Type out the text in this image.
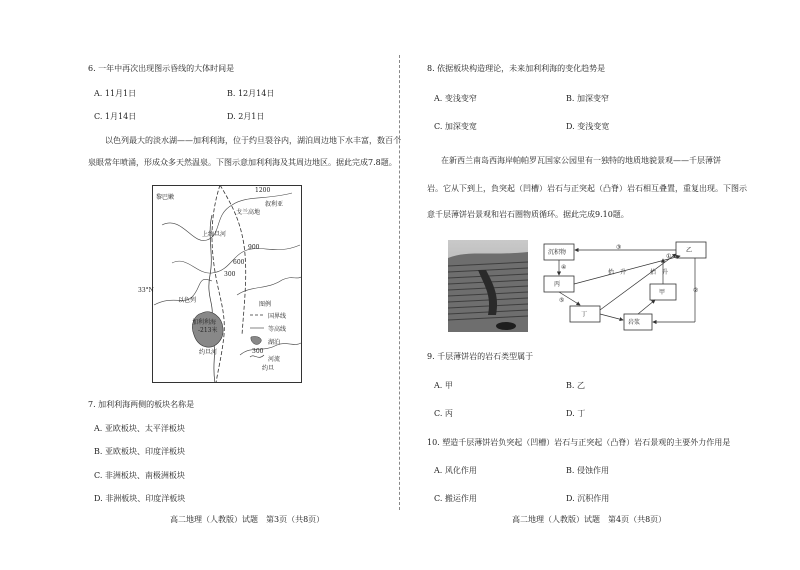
6. 一年中再次出现图示昏线的大体时间是
A. 11月1日	B. 12月14日
C. 1月14日	D. 2月1日
以色列最大的淡水湖——加利利海，位于约旦裂谷内，湖泊周边地下水丰富，数百个
泉眼常年喷涌，形成众多天然温泉。下图示意加利利海及其周边地区。据此完成7.8题。
黎巴嫩
1200
叙利亚
戈兰高地
900
上约旦河
600
300
33°N
以色列
图例
加利利海
-213米
国界线
等高线
湖泊
300
河流
约旦河
约旦
7. 加利利海两侧的板块名称是
A. 亚欧板块、太平洋板块
B. 亚欧板块、印度洋板块
C. 非洲板块、南极洲板块
D. 非洲板块、印度洋板块
高二地理（人教版）试题　第3页（共8页）
8. 依据板块构造理论，未来加利利海的变化趋势是
A. 变浅变窄	B. 加深变窄
C. 加深变宽	D. 变浅变宽
在新西兰南岛西海岸帕帕罗瓦国家公园里有一独特的地质地貌景观——千层薄饼
岩。它从下到上，負突起（凹槽）岩石与正突起（凸脊）岩石相互叠置，重复出现。下图示
意千层薄饼岩景观和岩石圈物质循环。据此完成9.10题。
沉积物	乙
丙
甲
丁
岩浆
抬　升	抬　升
①
②
③
④
⑤
9. 千层薄饼岩的岩石类型属于
A. 甲	B. 乙
C. 丙	D. 丁
10. 塑造千层薄饼岩负突起（凹槽）岩石与正突起（凸脊）岩石景观的主要外力作用是
A. 风化作用	B. 侵蚀作用
C. 搬运作用	D. 沉积作用
高二地理（人教版）试题　第4页（共8页）
